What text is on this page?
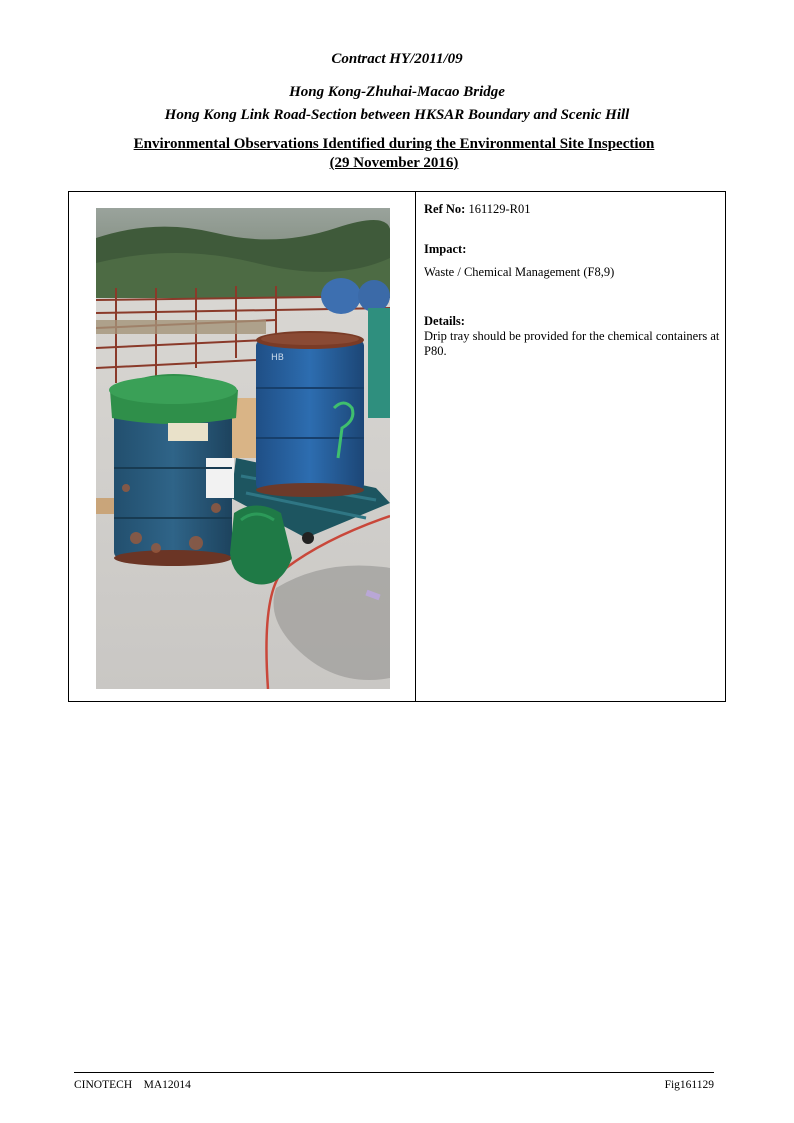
Contract HY/2011/09
Hong Kong-Zhuhai-Macao Bridge
Hong Kong Link Road-Section between HKSAR Boundary and Scenic Hill
Environmental Observations Identified during the Environmental Site Inspection
(29 November 2016)
HB
Ref No: 161129-R01
Impact:
Waste / Chemical Management (F8,9)
Details:
Drip tray should be provided for the chemical containers at P80.
CINOTECH MA12014	Fig161129
